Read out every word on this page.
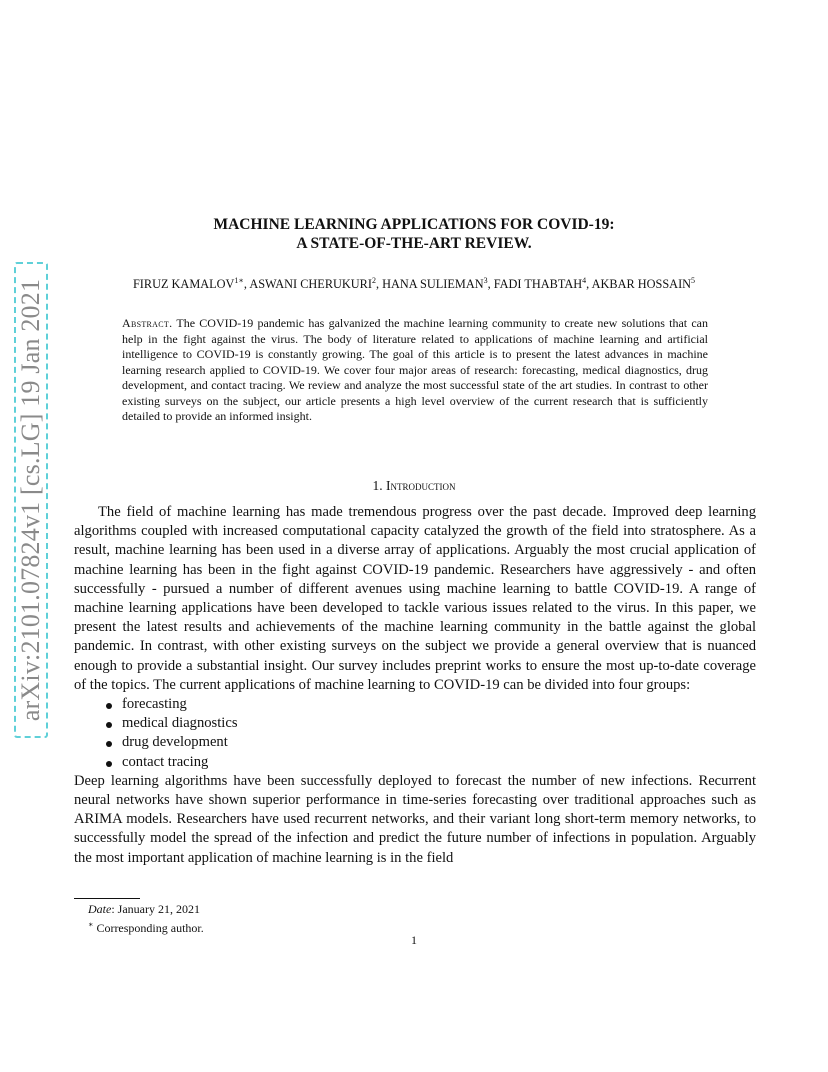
arXiv:2101.07824v1 [cs.LG] 19 Jan 2021
MACHINE LEARNING APPLICATIONS FOR COVID-19:
A STATE-OF-THE-ART REVIEW.
FIRUZ $KAMALOV^{1∗}$, ASWANI CHERUKURI$^2$, HANA SULIEMAN$^3$, FADI THABTAH$^4$, AKBAR HOSSAIN$^5$
Abstract. The COVID-19 pandemic has galvanized the machine learning community to create new solutions that can help in the fight against the virus. The body of literature related to applications of machine learning and artificial intelligence to COVID-19 is constantly growing. The goal of this article is to present the latest advances in machine learning research applied to COVID-19. We cover four major areas of research: forecasting, medical diagnostics, drug development, and contact tracing. We review and analyze the most successful state of the art studies. In contrast to other existing surveys on the subject, our article presents a high level overview of the current research that is sufficiently detailed to provide an informed insight.
1. Introduction

The field of machine learning has made tremendous progress over the past decade. Improved deep learning algorithms coupled with increased computational capacity catalyzed the growth of the field into stratosphere. As a result, machine learning has been used in a diverse array of applications. Arguably the most crucial application of machine learning has been in the fight against COVID-19 pandemic. Researchers have aggressively - and often successfully - pursued a number of different avenues using machine learning to battle COVID-19. A range of machine learning applications have been developed to tackle various issues related to the virus. In this paper, we present the latest results and achievements of the machine learning community in the battle against the global pandemic. In contrast, with other existing surveys on the subject we provide a general overview that is nuanced enough to provide a substantial insight. Our survey includes preprint works to ensure the most up-to-date coverage of the topics. The current applications of machine learning to COVID-19 can be divided into four groups:

forecasting
medical diagnostics
drug development
contact tracing

Deep learning algorithms have been successfully deployed to forecast the number of new infections. Recurrent neural networks have shown superior performance in time-series forecasting over traditional approaches such as ARIMA models. Researchers have used recurrent networks, and their variant long short-term memory networks, to successfully model the spread of the infection and predict the future number of infections in population. Arguably the most important application of machine learning is in the field

Date: January 21, 2021
∗ Corresponding author.
1
